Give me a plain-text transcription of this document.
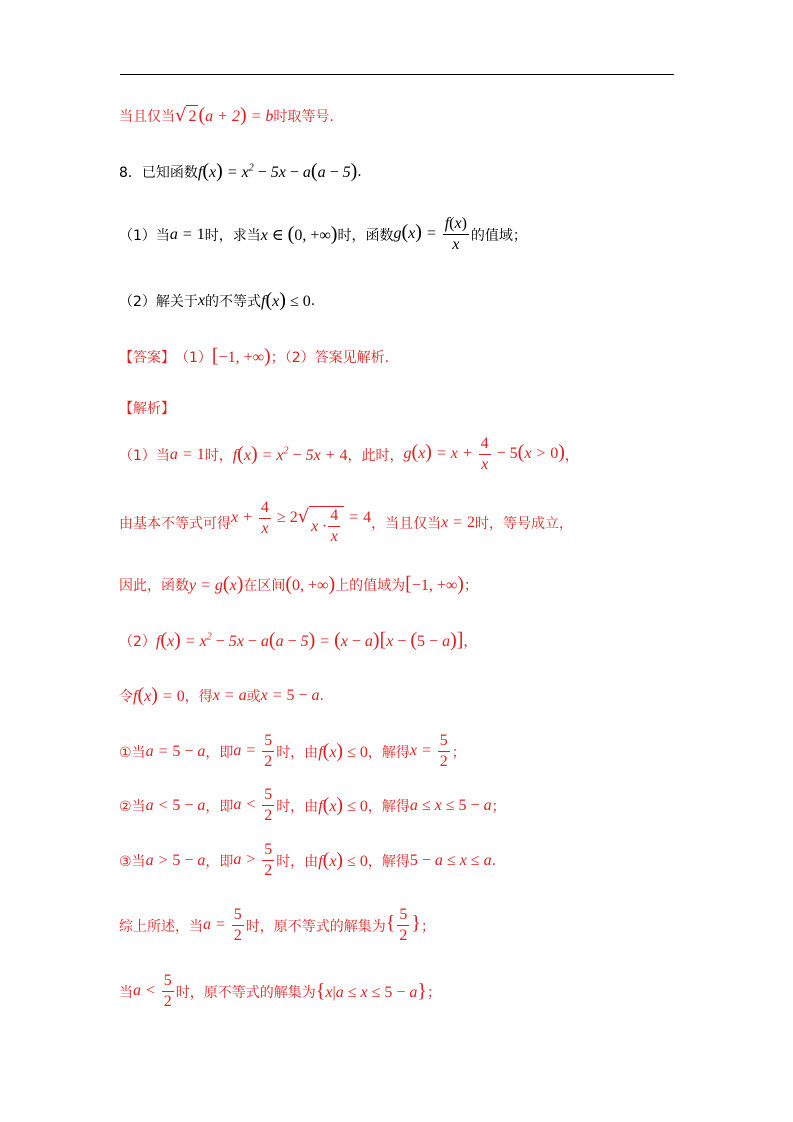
当且仅当 √ 2 (a + 2) = b 时取等号.
8．已知函数 $f(x) = x^2 - 5x - a(a - 5)$ .
（1）当 a = 1 时，求当 x ∈ (0, +∞) 时，函数 $g(x) = \frac{f(x)}{x}$ 的值域；
（2）解关于 x 的不等式 f(x) ≤ 0 .
【答案】 （1） [−1, +∞) ；（2）答案见解析.
【解析】
（1）当 a = 1 时， $f(x) = x^2 - 5x + 4$ ，此时， $g(x) = x + \frac{4}{x} - 5(x > 0)$ ，
由基本不等式可得 $x + \frac{4}{x} \ge 2$ √ $x \cdot \frac{4}{x} = 4$ ，当且仅当 x = 2 时，等号成立，
因此，函数 y = g(x) 在区间 (0, +∞) 上的值域为 [−1, +∞) ；
（2） $f(x) = x^2 - 5x - a(a - 5) = (x - a)[x - (5 - a)]$ ，
令 f(x) = 0 ，得 x = a 或 x = 5 − a .
①当 a = 5 − a ，即 $a = \frac{5}{2}$ 时，由 f(x) ≤ 0 ，解得 $x = \frac{5}{2}$ ；
②当 a < 5 − a ，即 $a < \frac{5}{2}$ 时，由 f(x) ≤ 0 ，解得 a ≤ x ≤ 5 − a ；
③当 a > 5 − a ，即 $a > \frac{5}{2}$ 时，由 f(x) ≤ 0 ，解得 5 − a ≤ x ≤ a .
综上所述，当 $a = \frac{5}{2}$ 时，原不等式的解集为 { $\frac{5}{2}$ } ；
当 $a < \frac{5}{2}$ 时，原不等式的解集为 {x|a ≤ x ≤ 5 − a} ；
